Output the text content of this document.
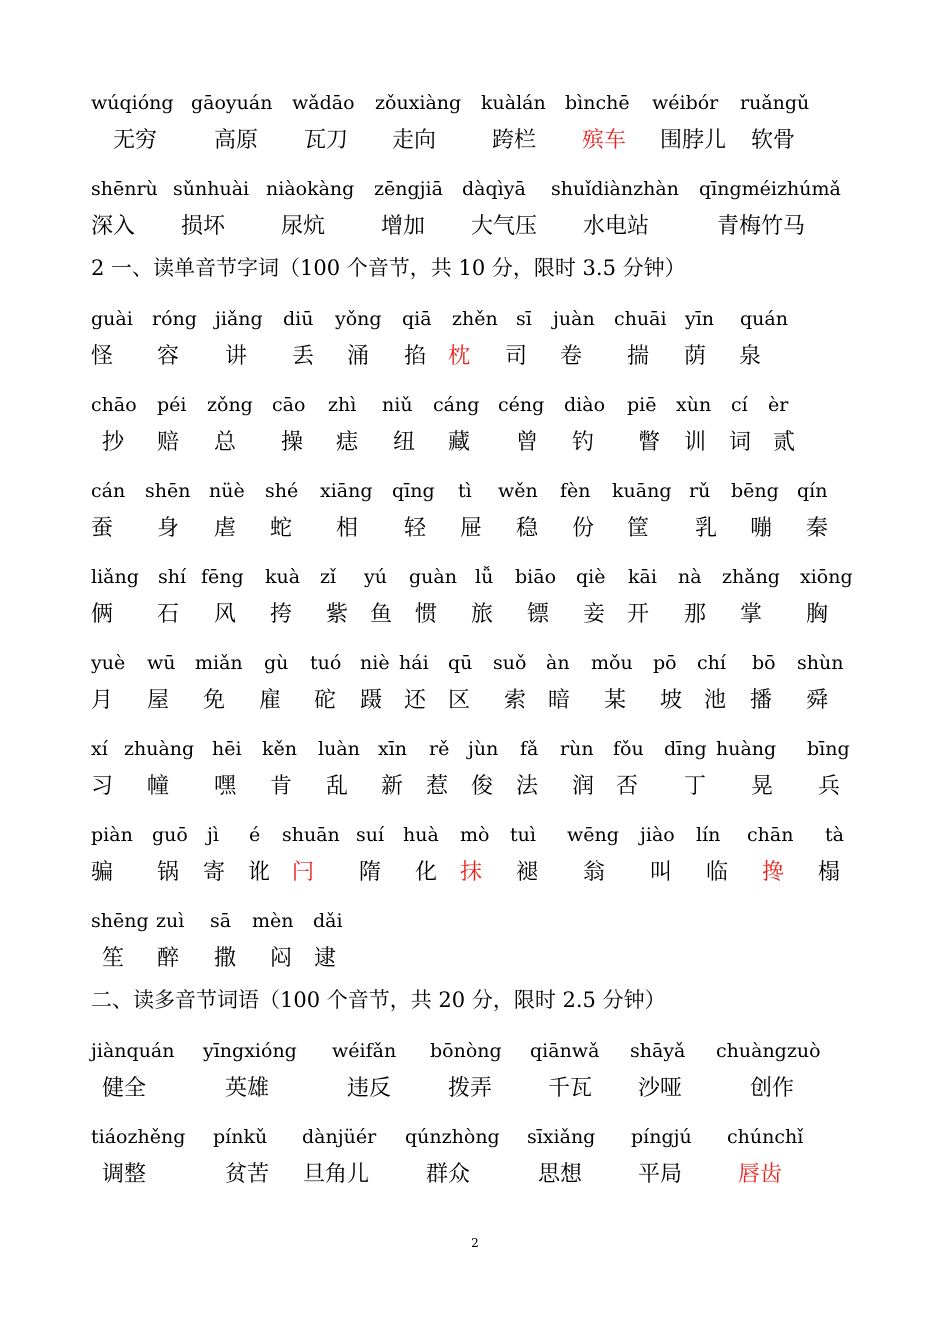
wúqióng gāoyuán wǎdāo zǒuxiàng kuàlán bìnchē wéibór ruǎngǔ
无穷	高原 瓦刀 走向	跨栏 殡车 围脖儿 软骨
shēnrù sǔnhuài niàokàng zēngjiā dàqìyā shuǐdiànzhàn qīngméizhúmǎ
深入 损坏	尿炕	增加 大气压 水电站	青梅竹马
2 一、读单音节字词（100 个音节，共 10 分，限时 3.5 分钟）
guài róng jiǎng diū yǒng qiā zhěn sī juàn chuāi yīn quán
怪 容 讲 丢 涌 掐 枕 司 卷 揣 荫 泉
chāo péi zǒng cāo zhì niǔ cáng céng diào piē xùn cí èr
抄 赔 总 操 痣 纽 藏 曾 钓 瞥 训 词 贰
cán shēn nüè shé xiāng qīng tì wěn fèn kuāng rǔ bēng qín
蚕 身 虐 蛇 相 轻 屉 稳 份 筐 乳 嘣 秦
liǎng shí fēng kuà zǐ yú guàn lǚ biāo qiè kāi nà zhǎng xiōng
俩 石 风 挎 紫 鱼 惯 旅 镖 妾 开 那 掌 胸
yuè wū miǎn gù tuó niè hái qū suǒ àn mǒu pō chí bō shùn
月 屋 免 雇 砣 蹑 还 区 索 暗 某 坡 池 播 舜
xí zhuàng hēi kěn luàn xīn rě jùn fǎ rùn fǒu dīng huàng bīng
习 幢 嘿 肯 乱 新 惹 俊 法 润 否 丁 晃 兵
piàn guō jì é shuān suí huà mò tuì wēng jiào lín chān tà
骗 锅 寄 讹 闩 隋 化 抹 褪 翁 叫 临 搀 榻
shēng zuì sā mèn dǎi
笙 醉 撒 闷 逮
二、读多音节词语（100 个音节，共 20 分，限时 2.5 分钟）
jiànquán yīngxióng wéifǎn bōnòng qiānwǎ shāyǎ chuàngzuò
健全	英雄	违反	拨弄	千瓦 沙哑	创作
tiáozhěng pínkǔ dànjüér qúnzhòng sīxiǎng píngjú chúnchǐ
调整	贫苦 旦角儿	群众	思想	平局	唇齿
2
